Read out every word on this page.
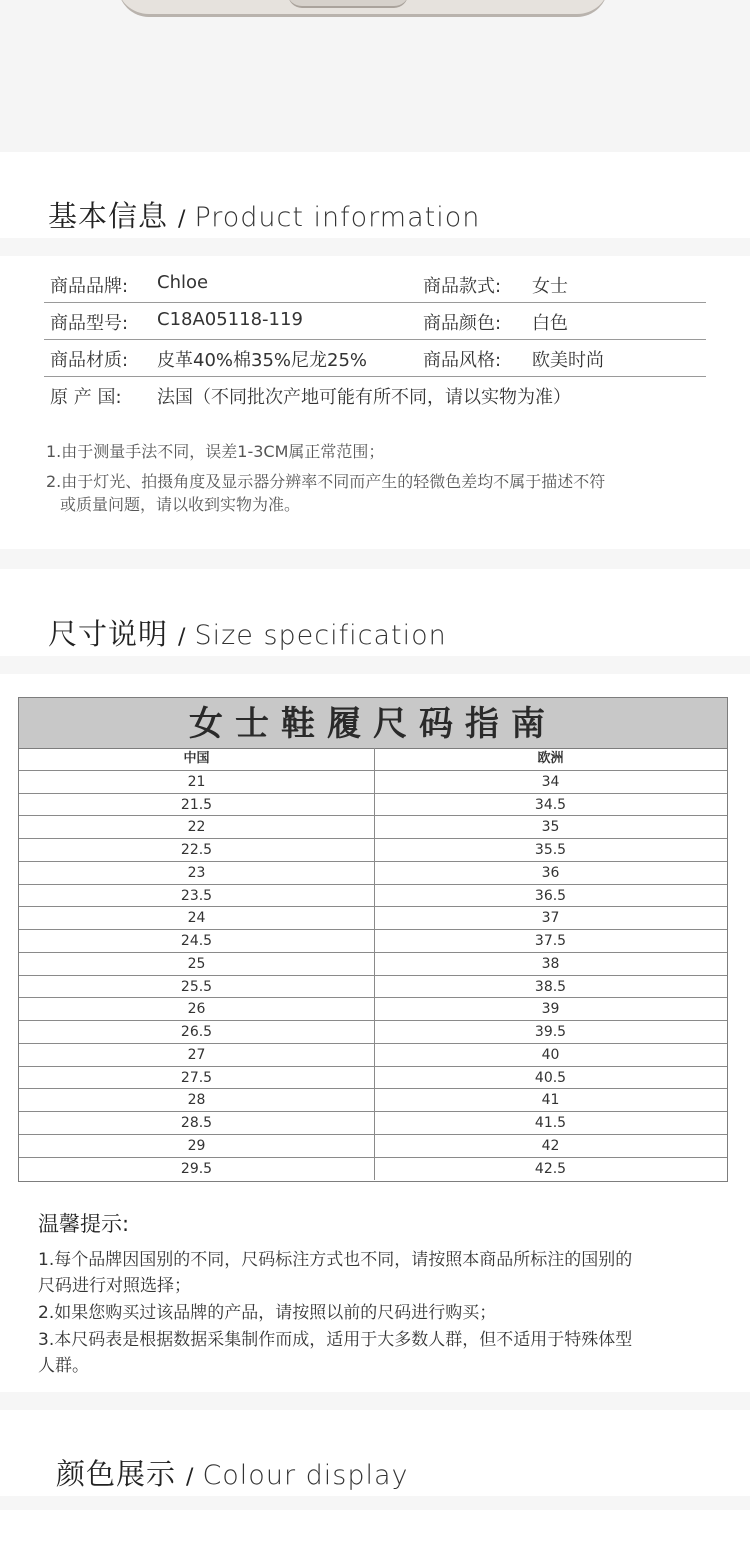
基本信息 / Product information
商品品牌: Chloe	商品款式: 女士
商品型号: C18A05118-119	商品颜色: 白色
商品材质: 皮革40%棉35%尼龙25%	商品风格: 欧美时尚
原 产 国: 法国（不同批次产地可能有所不同，请以实物为准）
1.由于测量手法不同，误差1-3CM属正常范围；
2.由于灯光、拍摄角度及显示器分辨率不同而产生的轻微色差均不属于描述不符
或质量问题，请以收到实物为准。
尺寸说明 / Size specification
女士鞋履尺码指南
中国	欧洲
21	34
21.5	34.5
22	35
22.5	35.5
23	36
23.5	36.5
24	37
24.5	37.5
25	38
25.5	38.5
26	39
26.5	39.5
27	40
27.5	40.5
28	41
28.5	41.5
29	42
29.5	42.5
温馨提示:
1.每个品牌因国别的不同，尺码标注方式也不同，请按照本商品所标注的国别的
尺码进行对照选择；
2.如果您购买过该品牌的产品，请按照以前的尺码进行购买；
3.本尺码表是根据数据采集制作而成，适用于大多数人群，但不适用于特殊体型
人群。
颜色展示 / Colour display
